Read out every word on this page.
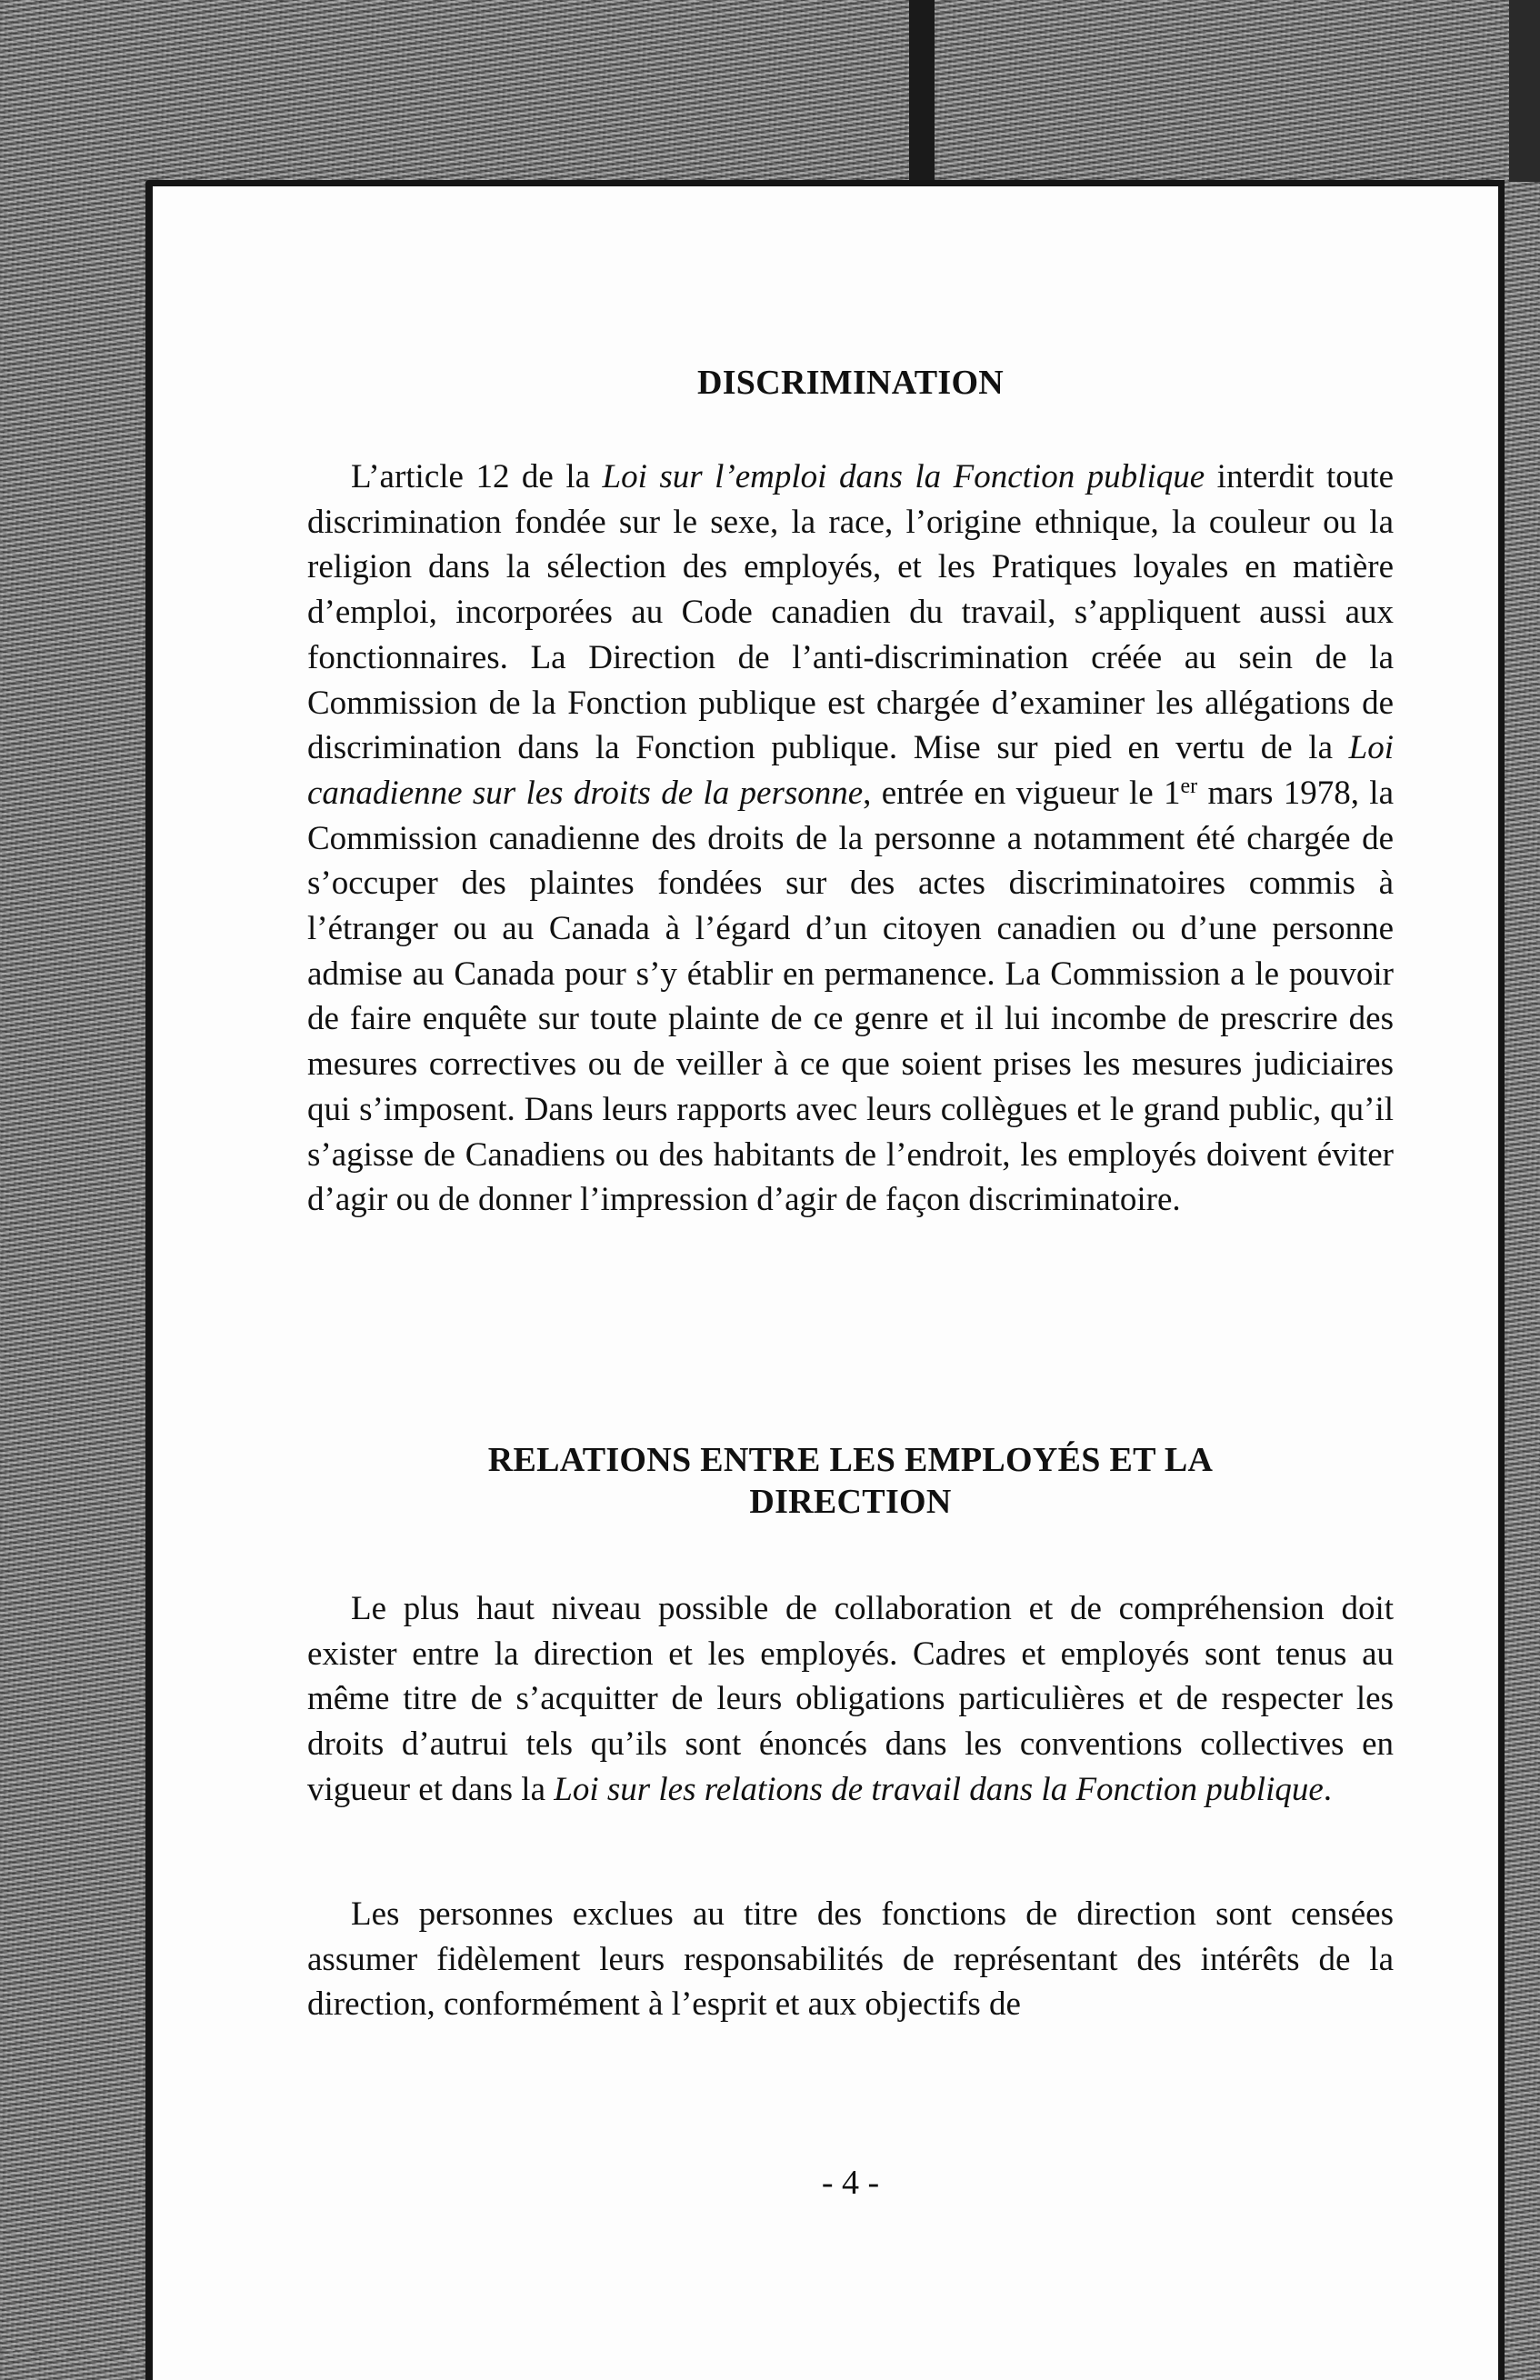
DISCRIMINATION

L’article 12 de la Loi sur l’emploi dans la Fonction publique interdit toute discrimination fondée sur le sexe, la race, l’origine ethnique, la couleur ou la religion dans la sélection des employés, et les Pratiques loyales en matière d’emploi, incorporées au Code canadien du travail, s’appliquent aussi aux fonctionnaires. La Direction de l’anti-discrimination créée au sein de la Commission de la Fonction publique est chargée d’examiner les allégations de discrimination dans la Fonction publique. Mise sur pied en vertu de la Loi canadienne sur les droits de la personne, entrée en vigueur le 1er mars 1978, la Commission canadienne des droits de la personne a notamment été chargée de s’occuper des plaintes fondées sur des actes discriminatoires commis à l’étranger ou au Canada à l’égard d’un citoyen canadien ou d’une personne admise au Canada pour s’y établir en permanence. La Commission a le pouvoir de faire enquête sur toute plainte de ce genre et il lui incombe de prescrire des mesures correctives ou de veiller à ce que soient prises les mesures judiciaires qui s’imposent. Dans leurs rapports avec leurs collègues et le grand public, qu’il s’agisse de Canadiens ou des habitants de l’endroit, les employés doivent éviter d’agir ou de donner l’impression d’agir de façon discriminatoire.

RELATIONS ENTRE LES EMPLOYÉS ET LA
DIRECTION

Le plus haut niveau possible de collaboration et de compréhension doit exister entre la direction et les employés. Cadres et employés sont tenus au même titre de s’acquitter de leurs obligations particulières et de respecter les droits d’autrui tels qu’ils sont énoncés dans les conventions collectives en vigueur et dans la Loi sur les relations de travail dans la Fonction publique.

Les personnes exclues au titre des fonctions de direction sont censées assumer fidèlement leurs responsabilités de représentant des intérêts de la direction, conformément à l’esprit et aux objectifs de

- 4 -
